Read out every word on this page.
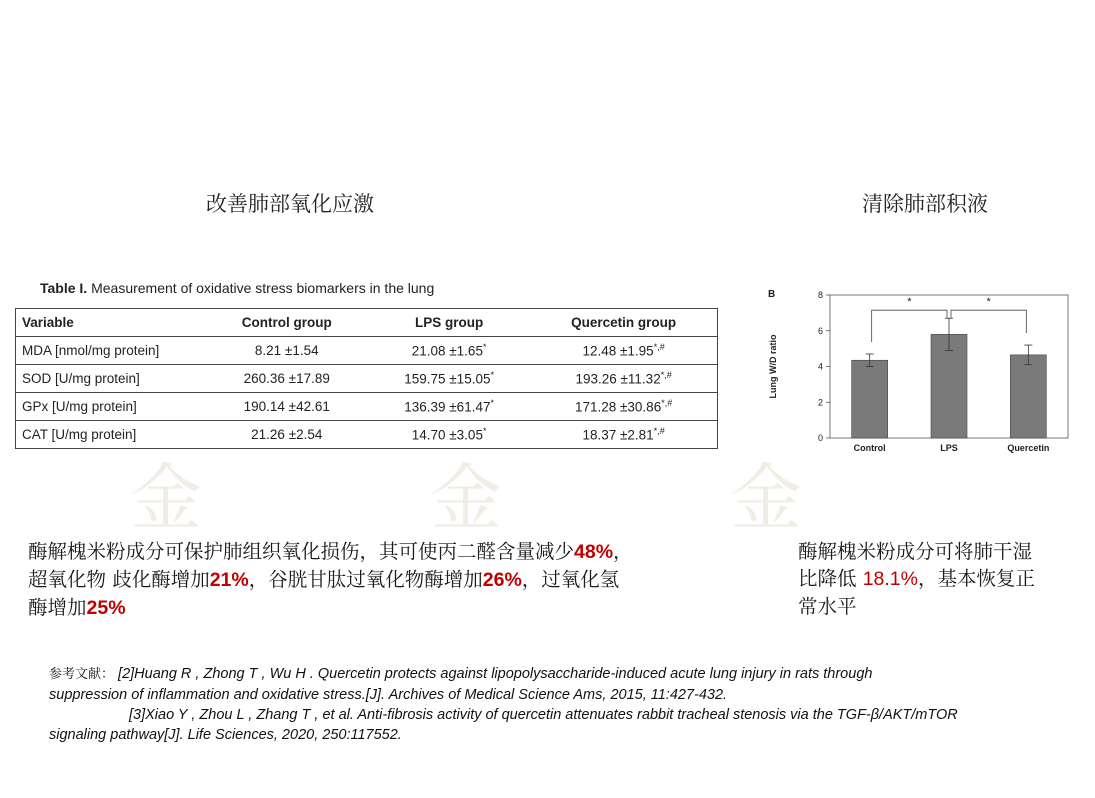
金	金	金
改善肺部氧化应激	清除肺部积液
Table I. Measurement of oxidative stress biomarkers in the lung
Variable	Control group	LPS group	Quercetin group
MDA [nmol/mg protein]	8.21 ±1.54	21.08 ±1.65*	12.48 ±1.95*,#
SOD [U/mg protein]	260.36 ±17.89	159.75 ±15.05*	193.26 ±11.32*,#
GPx [U/mg protein]	190.14 ±42.61	136.39 ±61.47*	171.28 ±30.86*,#
CAT [U/mg protein]	21.26 ±2.54	14.70 ±3.05*	18.37 ±2.81*,#
B
0
2
4
6
8
Lung W/D ratio
Control	LPS	Quercetin
*	*
酶解槐米粉成分可保护肺组织氧化损伤，其可使丙二醛含量减少48%，
超氧化物 歧化酶增加21%，谷胱甘肽过氧化物酶增加26%，过氧化氢
酶增加25%
酶解槐米粉成分可将肺干湿
比降低 18.1%，基本恢复正
常水平
参考文献： [2]Huang R , Zhong T , Wu H . Quercetin protects against lipopolysaccharide-induced acute lung injury in rats through
suppression of inflammation and oxidative stress.[J]. Archives of Medical Science Ams, 2015, 11:427-432.
[3]Xiao Y , Zhou L , Zhang T , et al. Anti-fibrosis activity of quercetin attenuates rabbit tracheal stenosis via the TGF-β/AKT/mTOR
signaling pathway[J]. Life Sciences, 2020, 250:117552.
